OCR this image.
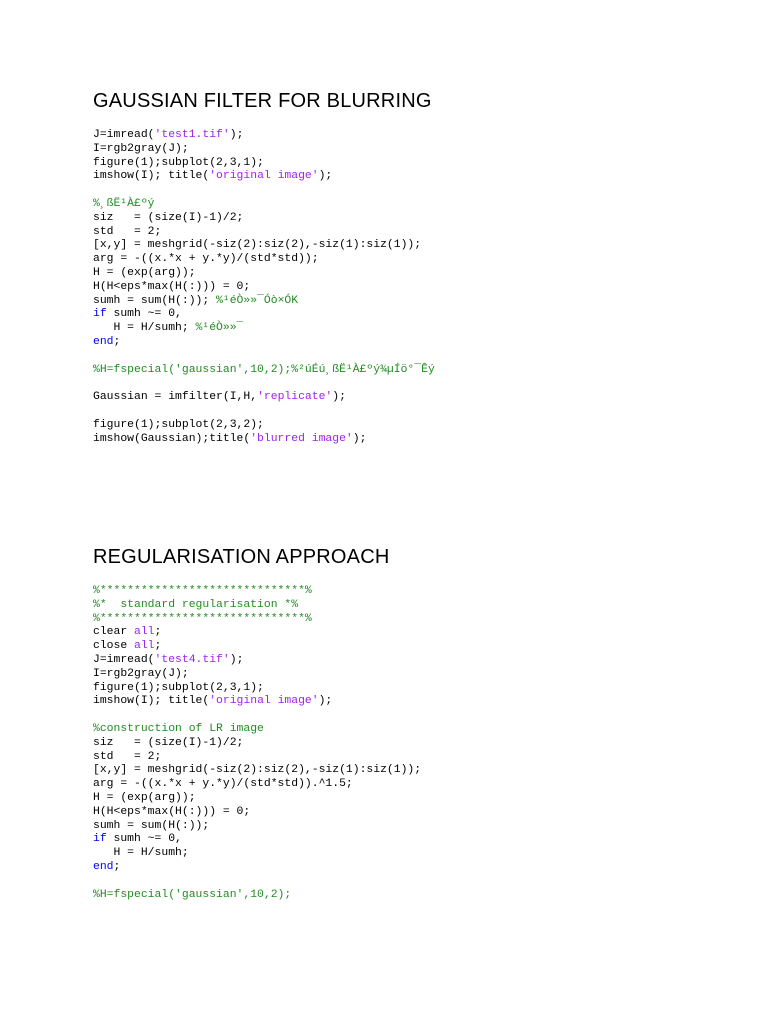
GAUSSIAN FILTER FOR BLURRING
J=imread('test1.tif');
I=rgb2gray(J);
figure(1);subplot(2,3,1);
imshow(I); title('original image');

%¸ßË¹À£ºý
siz   = (size(I)-1)/2;
std   = 2;
[x,y] = meshgrid(-siz(2):siz(2),-siz(1):siz(1));
arg = -((x.*x + y.*y)/(std*std));
H = (exp(arg));
H(H<eps*max(H(:))) = 0;
sumh = sum(H(:)); %¹éÒ»»¯Óò×ÓK
if sumh ~= 0,
H = H/sumh; %¹éÒ»»¯
end;

%H=fspecial('gaussian',10,2);%²úÉú¸ßË¹À£ºý¾µÍö°¯Êý

Gaussian = imfilter(I,H,'replicate');

figure(1);subplot(2,3,2);
imshow(Gaussian);title('blurred image');
REGULARISATION APPROACH
%******************************%
%*  standard regularisation *%
%******************************%
clear all;
close all;
J=imread('test4.tif');
I=rgb2gray(J);
figure(1);subplot(2,3,1);
imshow(I); title('original image');

%construction of LR image
siz   = (size(I)-1)/2;
std   = 2;
[x,y] = meshgrid(-siz(2):siz(2),-siz(1):siz(1));
arg = -((x.*x + y.*y)/(std*std)).^1.5;
H = (exp(arg));
H(H<eps*max(H(:))) = 0;
sumh = sum(H(:));
if sumh ~= 0,
H = H/sumh;
end;

%H=fspecial('gaussian',10,2);
